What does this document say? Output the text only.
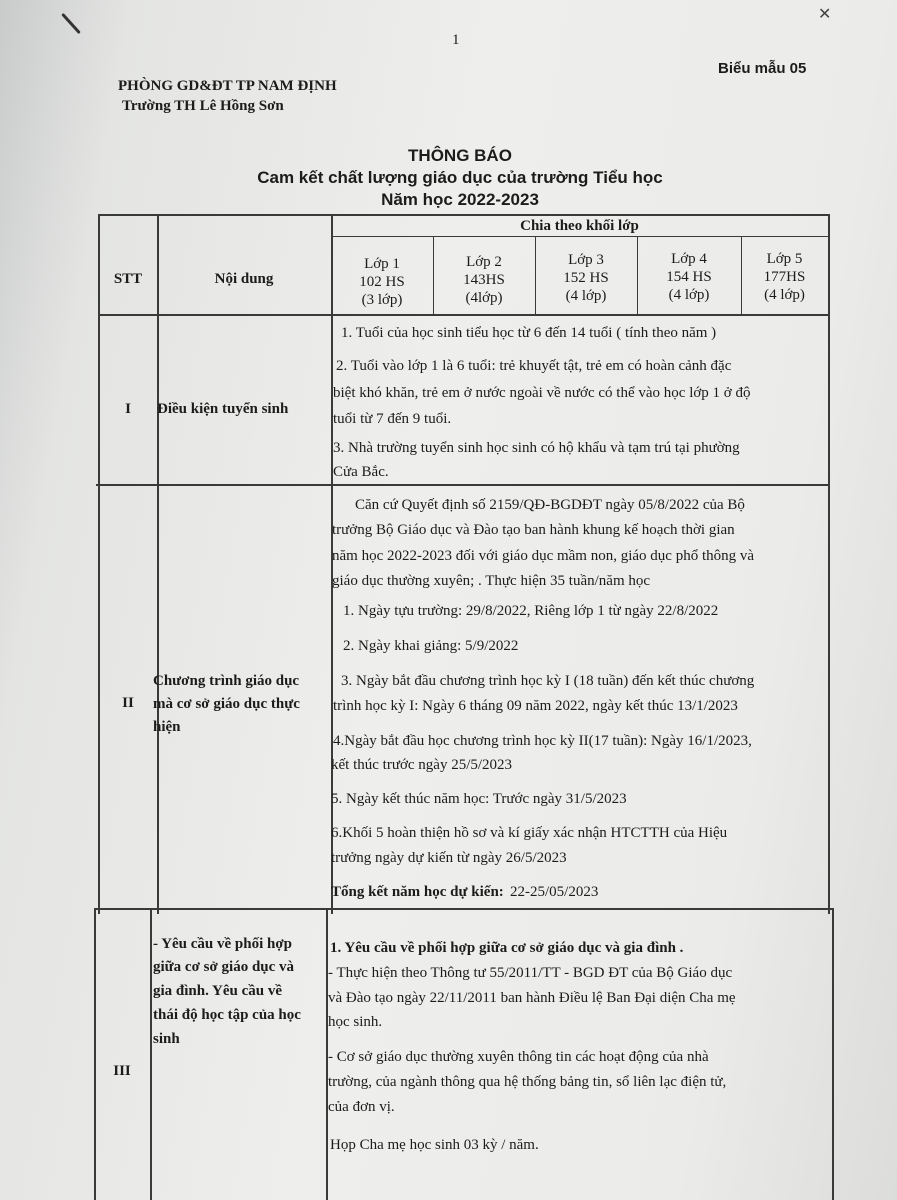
✕
1
Biểu mẫu 05
PHÒNG GD&ĐT TP NAM ĐỊNH
Trường TH Lê Hồng Sơn
THÔNG BÁO
Cam kết chất lượng giáo dục của trường Tiểu học
Năm học 2022-2023
STT	Nội dung
Chia theo khối lớp
Lớp 1
102 HS
(3 lớp)
Lớp 2
143HS
(4lớp)
Lớp 3
152 HS
(4 lớp)
Lớp 4
154 HS
(4 lớp)
Lớp 5
177HS
(4 lớp)
I	Điều kiện tuyển sinh
1. Tuổi của học sinh tiểu học từ 6 đến 14 tuổi ( tính theo năm )
2. Tuổi vào lớp 1 là 6 tuổi: trẻ khuyết tật, trẻ em có hoàn cảnh đặc
biệt khó khăn, trẻ em ở nước ngoài về nước có thể vào học lớp 1 ở độ
tuổi từ 7 đến 9 tuổi.
3. Nhà trường tuyển sinh học sinh có hộ khẩu và tạm trú tại phường
Cửa Bắc.
II
Chương trình giáo dục
mà cơ sở giáo dục thực
hiện
Căn cứ Quyết định số 2159/QĐ-BGDĐT ngày 05/8/2022 của Bộ
trưởng Bộ Giáo dục và Đào tạo ban hành khung kế hoạch thời gian
năm học 2022-2023 đối với giáo dục mầm non, giáo dục phổ thông và
giáo dục thường xuyên; . Thực hiện 35 tuần/năm học
1. Ngày tựu trường: 29/8/2022, Riêng lớp 1 từ ngày 22/8/2022
2. Ngày khai giảng: 5/9/2022
3. Ngày bắt đầu chương trình học kỳ I (18 tuần) đến kết thúc chương
trình học kỳ I: Ngày 6 tháng 09 năm 2022, ngày kết thúc 13/1/2023
4.Ngày bắt đầu học chương trình học kỳ II(17 tuần): Ngày 16/1/2023,
kết thúc trước ngày 25/5/2023
5. Ngày kết thúc năm học: Trước ngày 31/5/2023
6.Khối 5 hoàn thiện hồ sơ và kí giấy xác nhận HTCTTH của Hiệu
trưởng ngày dự kiến từ ngày 26/5/2023
Tổng kết năm học dự kiến: 22-25/05/2023
III
- Yêu cầu về phối hợp
giữa cơ sở giáo dục và
gia đình. Yêu cầu về
thái độ học tập của học
sinh
1. Yêu cầu về phối hợp giữa cơ sở giáo dục và gia đình .
- Thực hiện theo Thông tư 55/2011/TT - BGD ĐT của Bộ Giáo dục
và Đào tạo ngày 22/11/2011 ban hành Điều lệ Ban Đại diện Cha mẹ
học sinh.
- Cơ sở giáo dục thường xuyên thông tin các hoạt động của nhà
trường, của ngành thông qua hệ thống bảng tin, sổ liên lạc điện tử,
của đơn vị.
Họp Cha mẹ học sinh 03 kỳ / năm.
